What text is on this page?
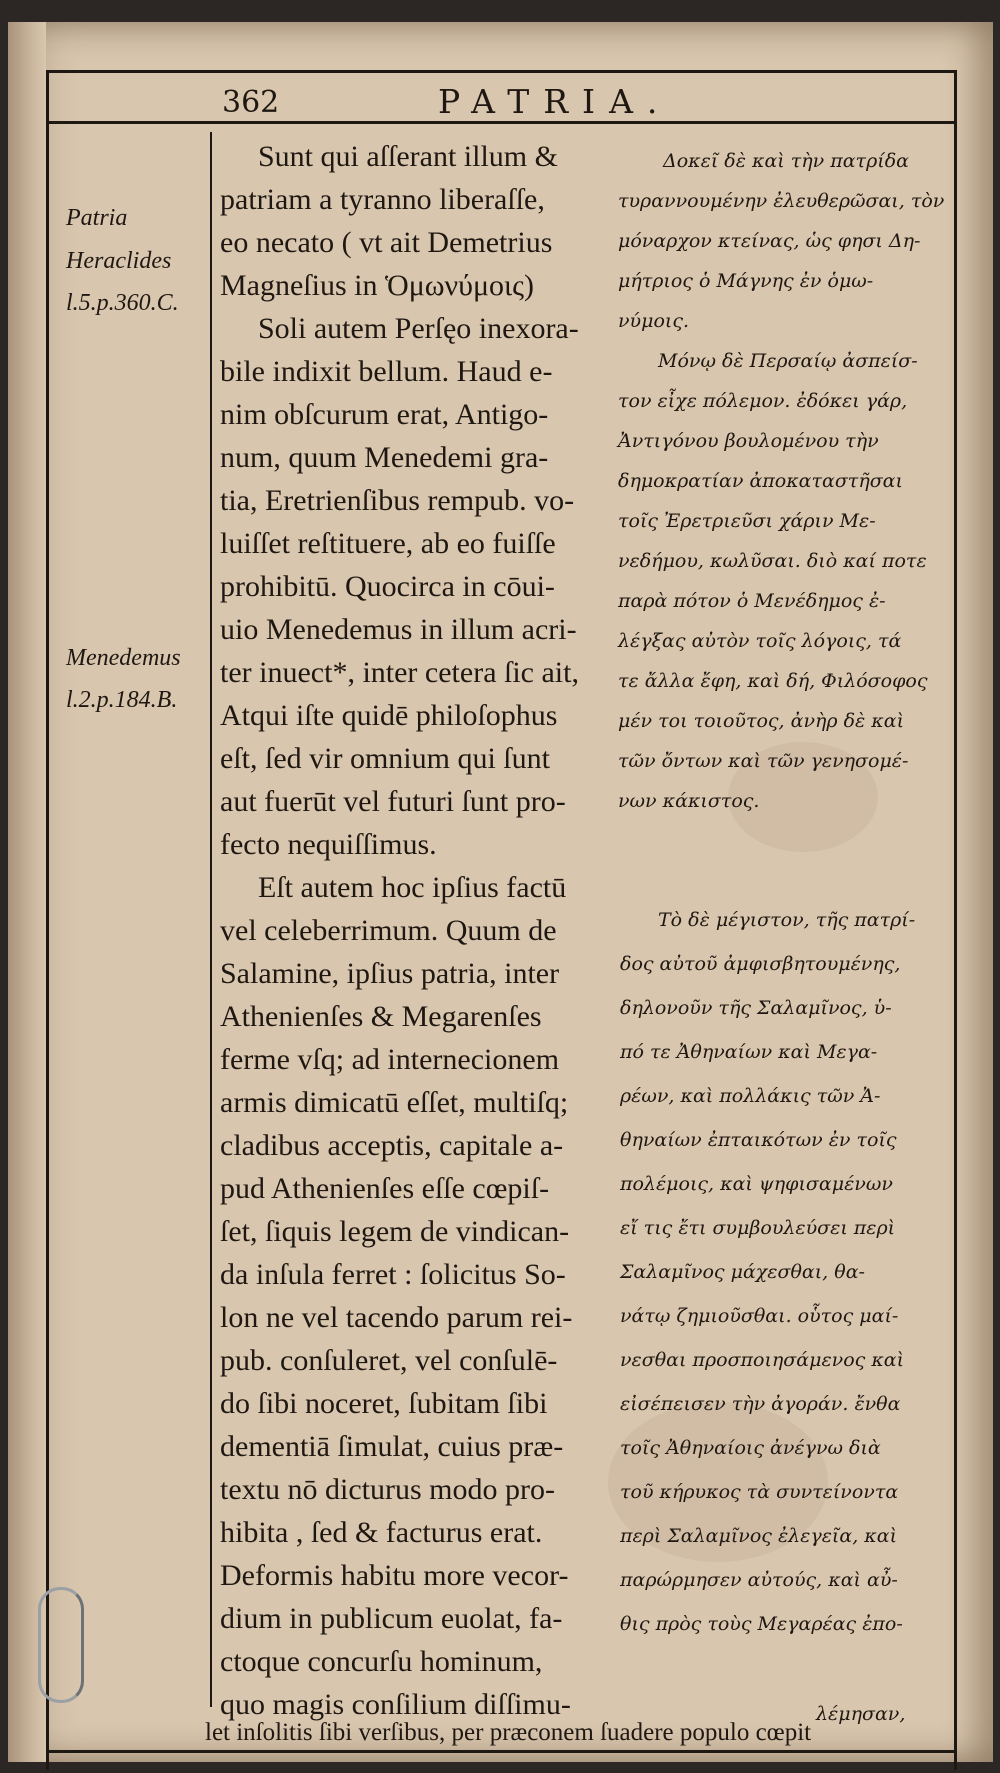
362	PATRIA.
Patria
Heraclides
l.5.p.360.C.
Menedemus
l.2.p.184.B.
Sunt qui aſſerant illum &
patriam a tyranno liberaſſe,
eo necato ( vt ait Demetrius
Magneſius in Ὁμωνύμοις)
Soli autem Perſęo inexora-
bile indixit bellum. Haud e-
nim obſcurum erat, Antigo-
num, quum Menedemi gra-
tia, Eretrienſibus rempub. vo-
luiſſet reſtituere, ab eo fuiſſe
prohibitū. Quocirca in cōui-
uio Menedemus in illum acri-
ter inuect*, inter cetera ſic ait,
Atqui iſte quidē philoſophus
eſt, ſed vir omnium qui ſunt
aut fuerūt vel futuri ſunt pro-
fecto nequiſſimus.
Eſt autem hoc ipſius factū
vel celeberrimum. Quum de
Salamine, ipſius patria, inter
Athenienſes & Megarenſes
ferme vſq; ad internecionem
armis dimicatū eſſet, multiſq;
cladibus acceptis, capitale a-
pud Athenienſes eſſe cœpiſ-
ſet, ſiquis legem de vindican-
da inſula ferret : ſolicitus So-
lon ne vel tacendo parum rei-
pub. conſuleret, vel conſulē-
do ſibi noceret, ſubitam ſibi
dementiā ſimulat, cuius præ-
textu nō dicturus modo pro-
hibita , ſed & facturus erat.
Deformis habitu more vecor-
dium in publicum euolat, fa-
ctoque concurſu hominum,
quo magis conſilium diſſimu-
let inſolitis ſibi verſibus, per præconem ſuadere populo cœpit
Δοκεῖ δὲ καὶ τὴν πατρίδα
τυραννουμένην ἐλευθερῶσαι, τὸν
μόναρχον κτείνας, ὡς φησι Δη-
μήτριος ὁ Μάγνης ἐν ὁμω-
νύμοις.
Μόνῳ δὲ Περσαίῳ ἀσπείσ-
τον εἶχε πόλεμον. ἐδόκει γάρ,
Ἀντιγόνου βουλομένου τὴν
δημοκρατίαν ἀποκαταστῆσαι
τοῖς Ἐρετριεῦσι χάριν Με-
νεδήμου, κωλῦσαι. διὸ καί ποτε
παρὰ πότον ὁ Μενέδημος ἐ-
λέγξας αὐτὸν τοῖς λόγοις, τά
τε ἄλλα ἔφη, καὶ δή, Φιλόσοφος
μέν τοι τοιοῦτος, ἀνὴρ δὲ καὶ
τῶν ὄντων καὶ τῶν γενησομέ-
νων κάκιστος.
Τὸ δὲ μέγιστον, τῆς πατρί-
δος αὐτοῦ ἀμφισβητουμένης,
δηλονοῦν τῆς Σαλαμῖνος, ὑ-
πό τε Ἀθηναίων καὶ Μεγα-
ρέων, καὶ πολλάκις τῶν Ἀ-
θηναίων ἐπταικότων ἐν τοῖς
πολέμοις, καὶ ψηφισαμένων
εἴ τις ἔτι συμβουλεύσει περὶ
Σαλαμῖνος μάχεσθαι, θα-
νάτῳ ζημιοῦσθαι. οὗτος μαί-
νεσθαι προσποιησάμενος καὶ
εἰσέπεισεν τὴν ἀγοράν. ἔνθα
τοῖς Ἀθηναίοις ἀνέγνω διὰ
τοῦ κήρυκος τὰ συντείνοντα
περὶ Σαλαμῖνος ἐλεγεῖα, καὶ
παρώρμησεν αὐτούς, καὶ αὖ-
θις πρὸς τοὺς Μεγαρέας ἐπο-
λέμησαν,
